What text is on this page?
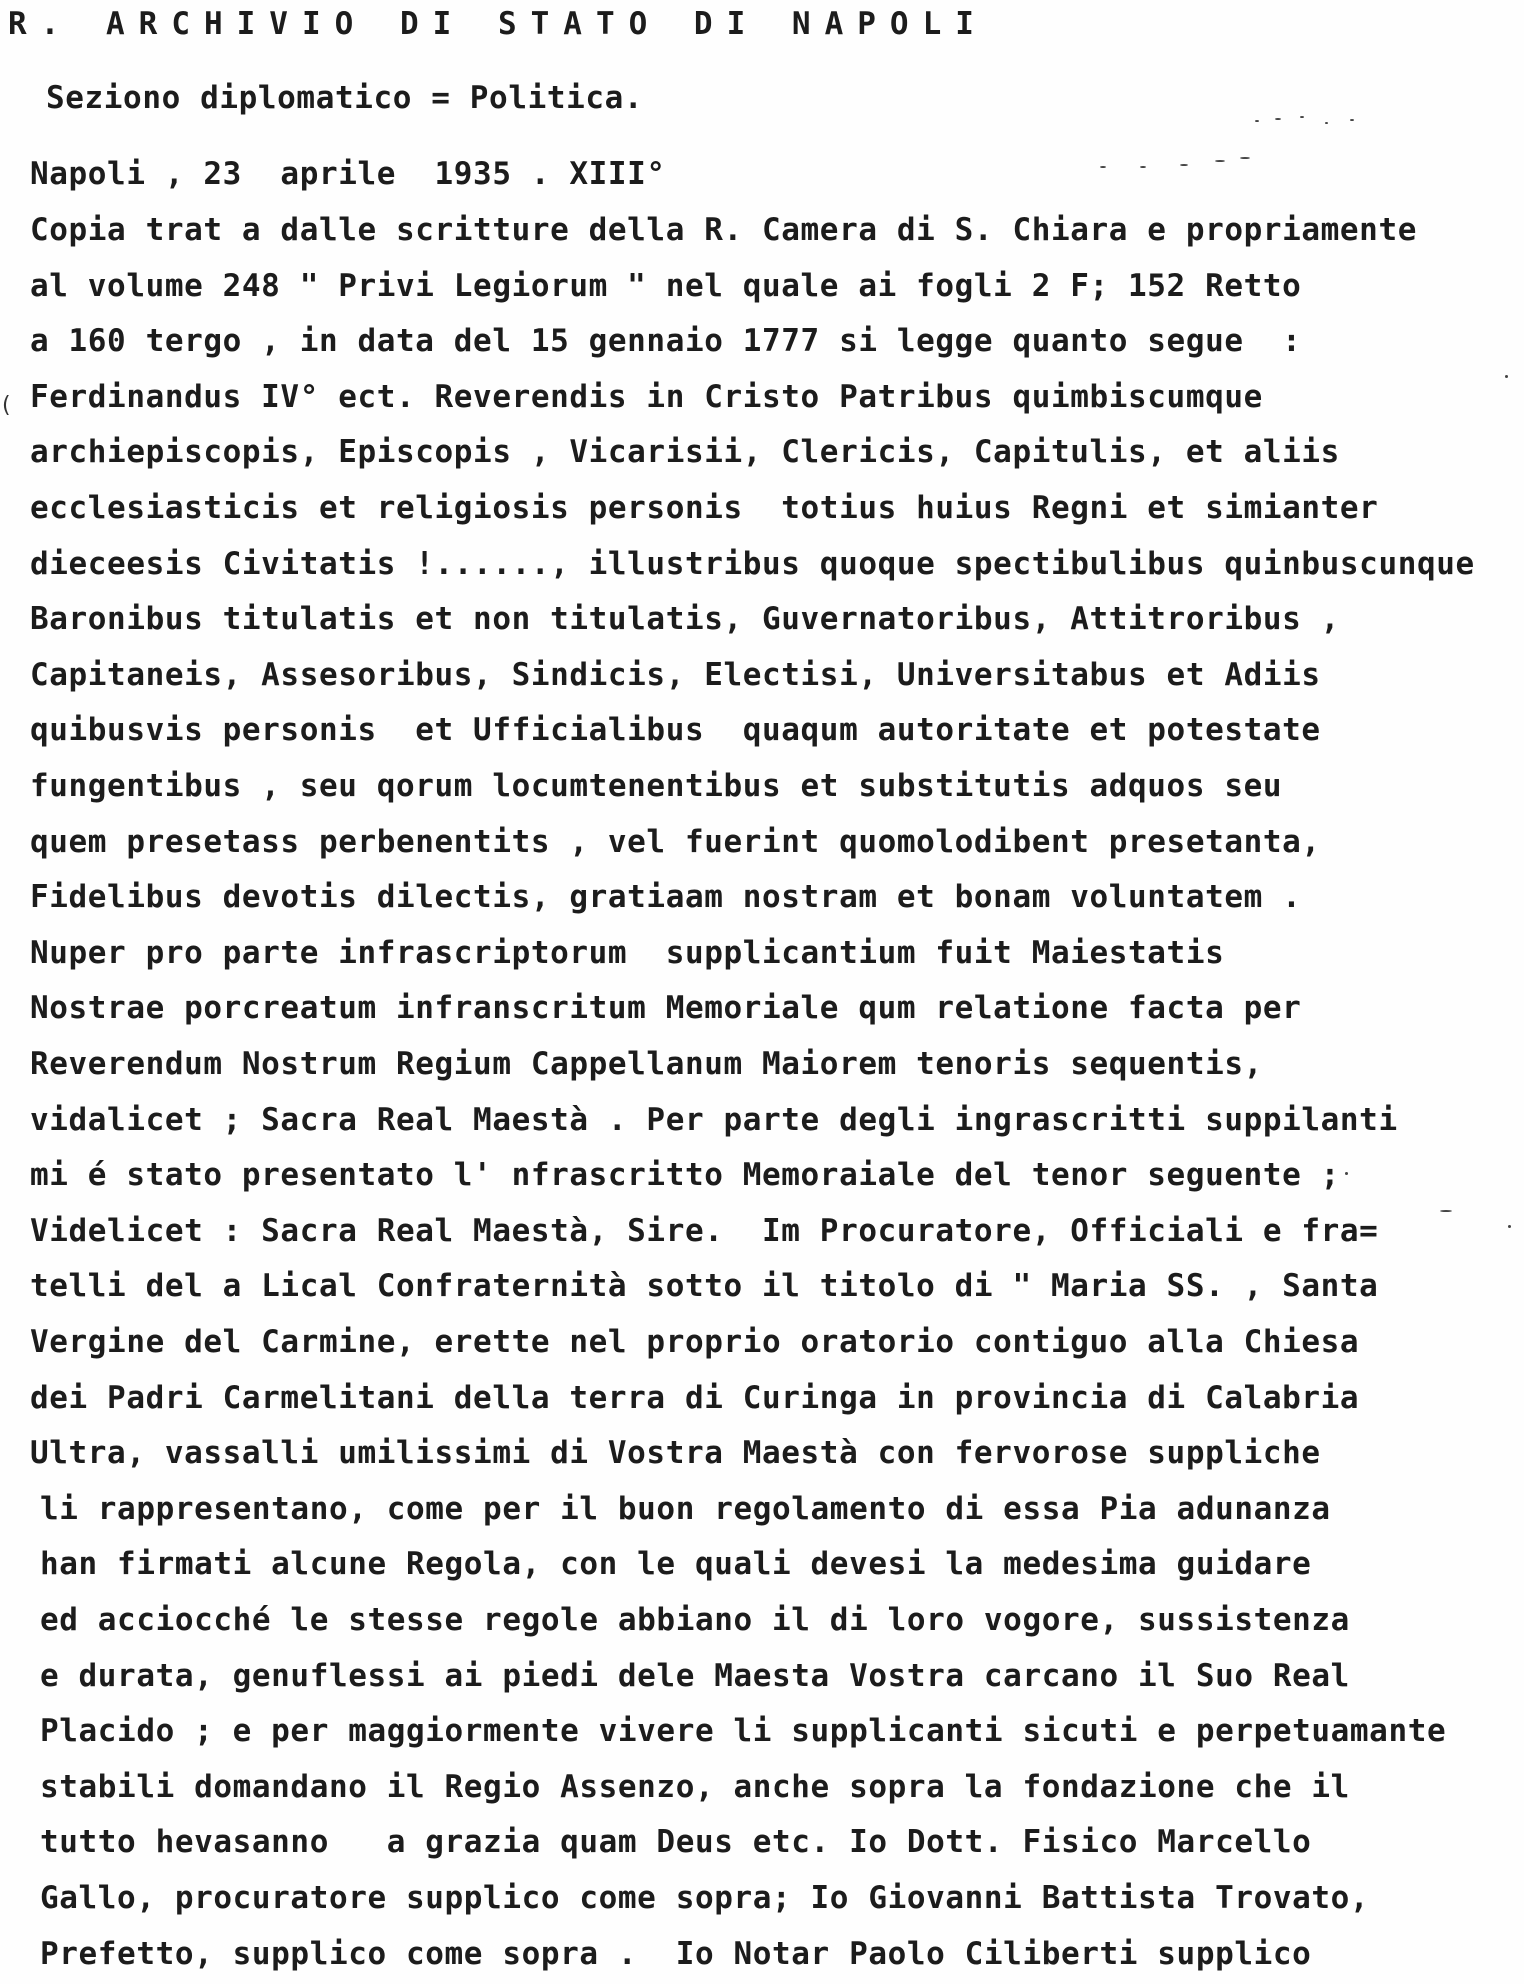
R. ARCHIVIO DI STATO DI NAPOLI
Seziono diplomatico = Politica.
Napoli , 23  aprile  1935 . XIII°
Copia trat a dalle scritture della R. Camera di S. Chiara e propriamente
al volume 248 " Privi Legiorum " nel quale ai fogli 2 F; 152 Retto
a 160 tergo , in data del 15 gennaio 1777 si legge quanto segue  :
Ferdinandus IV° ect. Reverendis in Cristo Patribus quimbiscumque
archiepiscopis, Episcopis , Vicarisii, Clericis, Capitulis, et aliis
ecclesiasticis et religiosis personis  totius huius Regni et simianter
dieceesis Civitatis !......, illustribus quoque spectibulibus quinbuscunque
Baronibus titulatis et non titulatis, Guvernatoribus, Attitroribus ,
Capitaneis, Assesoribus, Sindicis, Electisi, Universitabus et Adiis
quibusvis personis  et Ufficialibus  quaqum autoritate et potestate
fungentibus , seu qorum locumtenentibus et substitutis adquos seu
quem presetass perbenentits , vel fuerint quomolodibent presetanta,
Fidelibus devotis dilectis, gratiaam nostram et bonam voluntatem .
Nuper pro parte infrascriptorum  supplicantium fuit Maiestatis
Nostrae porcreatum infranscritum Memoriale qum relatione facta per
Reverendum Nostrum Regium Cappellanum Maiorem tenoris sequentis,
vidalicet ; Sacra Real Maestà . Per parte degli ingrascritti suppilanti
mi é stato presentato l' nfrascritto Memoraiale del tenor seguente ;
Videlicet : Sacra Real Maestà, Sire.  Im Procuratore, Officiali e fra=
telli del a Lical Confraternità sotto il titolo di " Maria SS. , Santa
Vergine del Carmine, erette nel proprio oratorio contiguo alla Chiesa
dei Padri Carmelitani della terra di Curinga in provincia di Calabria
Ultra, vassalli umilissimi di Vostra Maestà con fervorose suppliche
li rappresentano, come per il buon regolamento di essa Pia adunanza
han firmati alcune Regola, con le quali devesi la medesima guidare
ed acciocché le stesse regole abbiano il di loro vogore, sussistenza
e durata, genuflessi ai piedi dele Maesta Vostra carcano il Suo Real
Placido ; e per maggiormente vivere li supplicanti sicuti e perpetuamante
stabili domandano il Regio Assenzo, anche sopra la fondazione che il
tutto hevasanno   a grazia quam Deus etc. Io Dott. Fisico Marcello
Gallo, procuratore supplico come sopra; Io Giovanni Battista Trovato,
Prefetto, supplico come sopra .  Io Notar Paolo Ciliberti supplico
(
